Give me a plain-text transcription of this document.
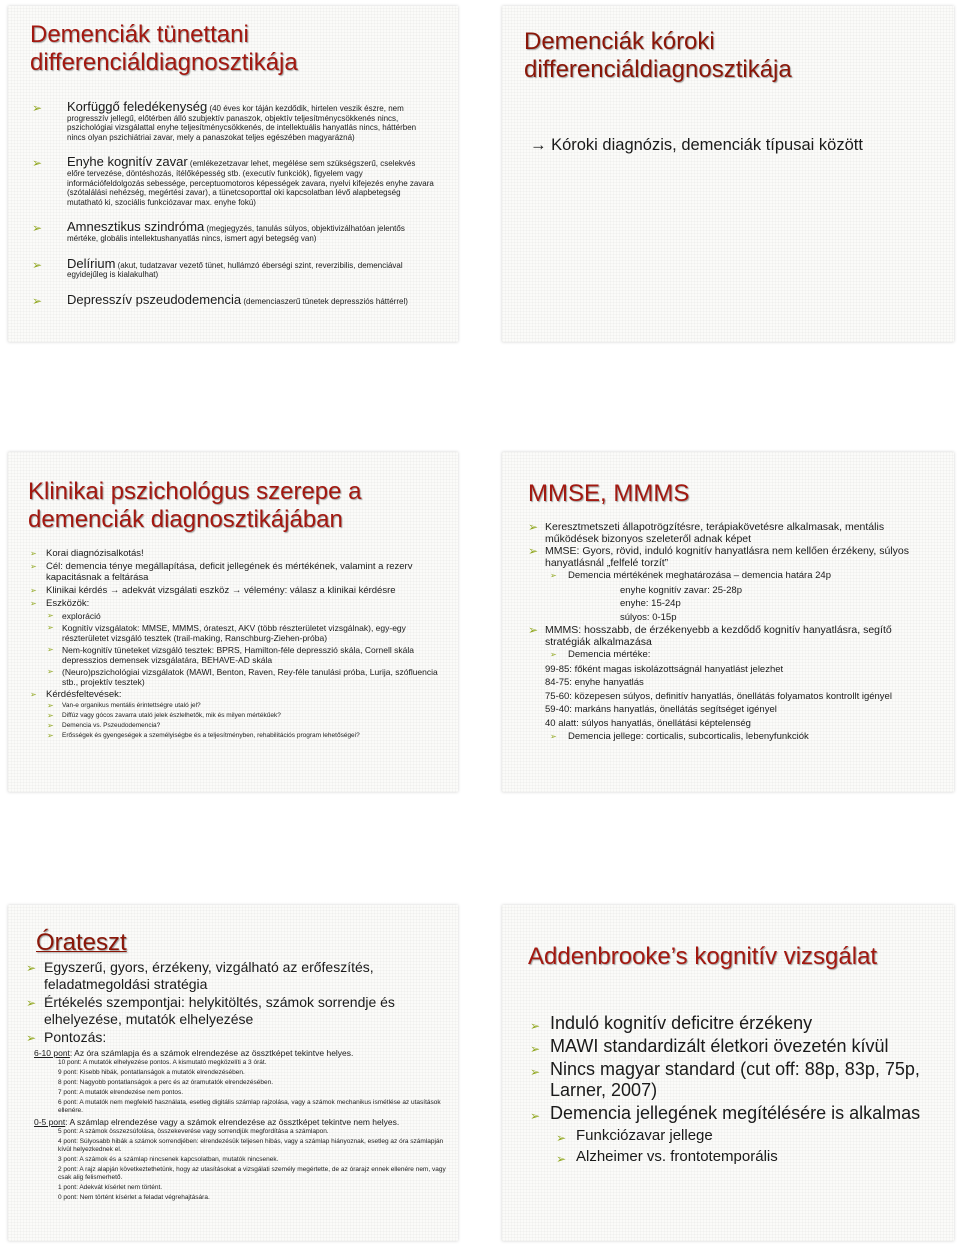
Demenciák tünettani differenciáldiagnosztikája
➢ Korfüggő feledékenység (40 éves kor táján kezdődik, hirtelen veszik észre, nem progresszív jellegű, előtérben álló szubjektív panaszok, objektív teljesítménycsökkenés nincs, pszichológiai vizsgálattal enyhe teljesítménycsökkenés, de intellektuális hanyatlás nincs, háttérben nincs olyan pszichiátriai zavar, mely a panaszokat teljes egészében magyarázná)
➢ Enyhe kognitív zavar (emlékezetzavar lehet, megélése sem szükségszerű, cselekvés előre tervezése, döntéshozás, ítélőképesség stb. (executív funkciók), figyelem vagy információfeldolgozás sebessége, perceptuomotoros képességek zavara, nyelvi kifejezés enyhe zavara (szótalálási nehézség, megértési zavar), a tünetcsoporttal oki kapcsolatban lévő alapbetegség mutatható ki, szociális funkciózavar max. enyhe fokú)
➢ Amnesztikus szindróma (megjegyzés, tanulás súlyos, objektivizálhatóan jelentős mértéke, globális intellektushanyatlás nincs, ismert agyi betegség van)
➢ Delírium (akut, tudatzavar vezető tünet, hullámzó éberségi szint, reverzibilis, demenciával egyidejűleg is kialakulhat)
➢ Depresszív pszeudodemencia (demenciaszerű tünetek depressziós háttérrel)
Demenciák kóroki differenciáldiagnosztikája
→ Kóroki diagnózis, demenciák típusai között
Klinikai pszichológus szerepe a demenciák diagnosztikájában
➢ Korai diagnózisalkotás!
➢ Cél: demencia ténye megállapítása, deficit jellegének és mértékének, valamint a rezerv kapacitásnak a feltárása
➢ Klinikai kérdés → adekvát vizsgálati eszköz → vélemény: válasz a klinikai kérdésre
➢ Eszközök:
➢ exploráció
➢ Kognitív vizsgálatok: MMSE, MMMS, órateszt, AKV (több részterületet vizsgálnak), egy-egy részterületet vizsgáló tesztek (trail-making, Ranschburg-Ziehen-próba)
➢ Nem-kognitív tüneteket vizsgáló tesztek: BPRS, Hamilton-féle depresszió skála, Cornell skála depresszios demensek vizsgálatára, BEHAVE-AD skála
➢ (Neuro)pszichológiai vizsgálatok (MAWI, Benton, Raven, Rey-féle tanulási próba, Lurija, szófluencia stb., projektív tesztek)
➢ Kérdésfeltevések:
➢ Van-e organikus mentális érintettségre utaló jel?
➢ Diffúz vagy gócos zavarra utaló jelek észlelhetők, mik és milyen mértékűek?
➢ Demencia vs. Pszeudodemencia?
➢ Erősségek és gyengeségek a személyiségbe és a teljesítményben, rehabilitációs program lehetőségei?
MMSE, MMMS
➢ Keresztmetszeti állapotrögzítésre, terápiakövetésre alkalmasak, mentális működések bizonyos szeleteről adnak képet
➢ MMSE: Gyors, rövid, induló kognitív hanyatlásra nem kellően érzékeny, súlyos hanyatlásnál „felfelé torzít”
➢ Demencia mértékének meghatározása – demencia határa 24p
enyhe kognitív zavar: 25-28p
enyhe: 15-24p
súlyos: 0-15p
➢ MMMS: hosszabb, de érzékenyebb a kezdődő kognitív hanyatlásra, segítő stratégiák alkalmazása
➢ Demencia mértéke:
99-85: főként magas iskolázottságnál hanyatlást jelezhet
84-75: enyhe hanyatlás
75-60: közepesen súlyos, definitív hanyatlás, önellátás folyamatos kontrollt igényel
59-40: markáns hanyatlás, önellátás segítséget igényel
40 alatt: súlyos hanyatlás, önellátási képtelenség
➢ Demencia jellege: corticalis, subcorticalis, lebenyfunkciók
Órateszt
➢ Egyszerű, gyors, érzékeny, vizgálható az erőfeszítés, feladatmegoldási stratégia
➢ Értékelés szempontjai: helykitöltés, számok sorrendje és elhelyezése, mutatók elhelyezése
➢ Pontozás:
6-10 pont: Az óra számlapja és a számok elrendezése az össztképet tekintve helyes.
10 pont: A mutatók elhelyezése pontos. A kismutató megközelíti a 3 órát.
9 pont: Kisebb hibák, pontatlanságok a mutatók elrendezésében.
8 pont: Nagyobb pontatlanságok a perc és az óramutatók elrendezésében.
7 pont: A mutatók elrendezése nem pontos.
6 pont: A mutatók nem megfelelő használata, esetleg digitális számlap rajzolása, vagy a számok mechanikus ismétlése az utasítások ellenére.
0-5 pont: A számlap elrendezése vagy a számok elrendezése az össztképet tekintve nem helyes.
5 pont: A számok összezsúfolása, összekeverése vagy sorrendjük megfordítása a számlapon.
4 pont: Súlyosabb hibák a számok sorrendjében: elrendezésük teljesen hibás, vagy a számlap hiányoznak, esetleg az óra számlapján kívül helyezkednek el.
3 pont: A számok és a számlap nincsenek kapcsolatban, mutatók nincsenek.
2 pont: A rajz alapján következtethetünk, hogy az utasításokat a vizsgálati személy megértette, de az órarajz ennek ellenére nem, vagy csak alig felismerhető.
1 pont: Adekvát kísérlet nem történt.
0 pont: Nem történt kísérlet a feladat végrehajtására.
Addenbrooke’s kognitív vizsgálat
➢ Induló kognitív deficitre érzékeny
➢ MAWI standardizált életkori övezetén kívül
➢ Nincs magyar standard (cut off: 88p, 83p, 75p, Larner, 2007)
➢ Demencia jellegének megítélésére is alkalmas
➢ Funkciózavar jellege
➢ Alzheimer vs. frontotemporális
